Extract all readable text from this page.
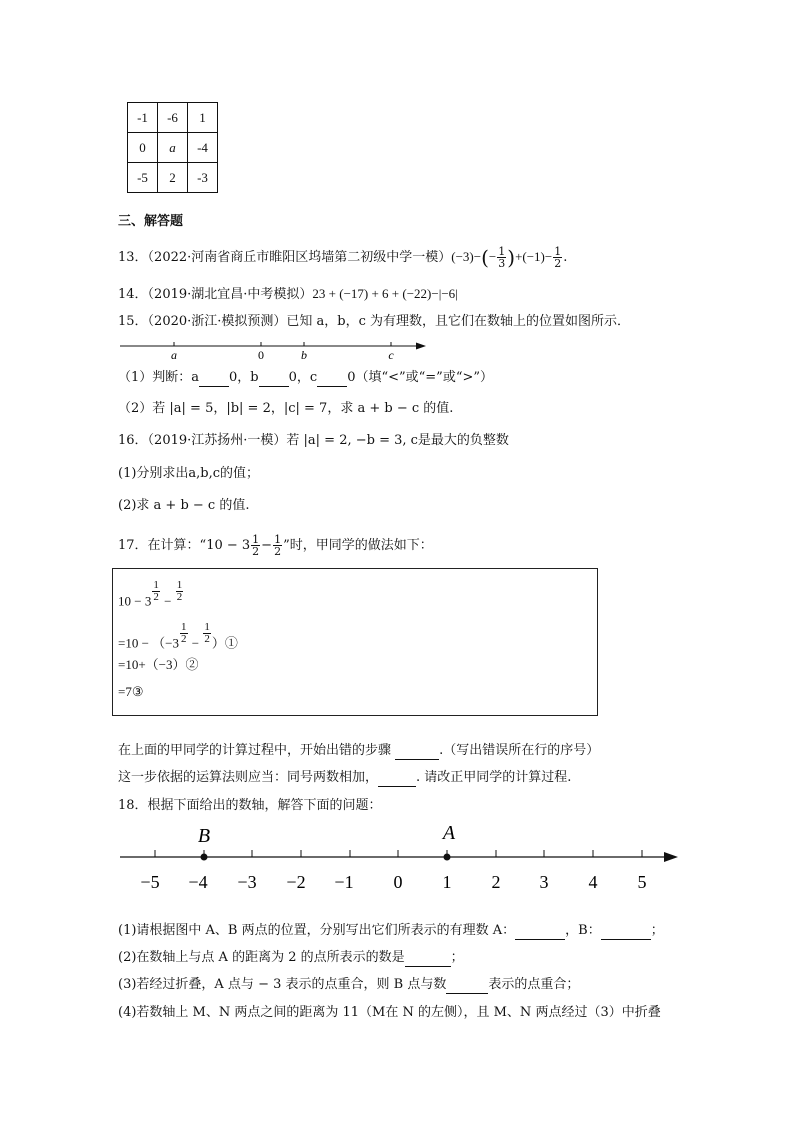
-1	-6	1
0	a	-4
-5	2	-3
三、解答题
13．（2022·河南省商丘市睢阳区坞墙第二初级中学一模）$(-3)-(- \frac{1}{3} )+(-1)- \frac{1}{2}$ .
14．（2019·湖北宜昌·中考模拟）23 + (−17) + 6 + (−22)−|−6|
15．（2020·浙江·模拟预测）已知 a，b，c 为有理数，且它们在数轴上的位置如图所示．
a	0	b	c
（1）判断：a 0，b 0，c 0（填“<”或“=”或“>”）
（2）若 |a| = 5，|b| = 2，|c| = 7，求 a + b − c 的值.
16．（2019·江苏扬州·一模）若 |a| = 2, −b = 3, c是最大的负整数
(1)分别求出a,b,c的值；
(2)求 a + b − c 的值.
17．在计算：“$10 - 3 \frac{1}{2} - \frac{1}{2}$ ”时，甲同学的做法如下：
$10 - 3 \frac{1}{2} - \frac{1}{2}$
$=10 - (-3 \frac{1}{2} - \frac{1}{2}$ ）①
=10+（−3）②
=7③
在上面的甲同学的计算过程中，开始出错的步骤	.（写出错误所在行的序号）
这一步依据的运算法则应当：同号两数相加，	. 请改正甲同学的计算过程.
18．根据下面给出的数轴，解答下面的问题：
B	A
−5 −4 −3 −2 −1 0 1 2 3 4 5
(1)请根据图中 A、B 两点的位置，分别写出它们所表示的有理数 A：	，B：	；
(2)在数轴上与点 A 的距离为 2 的点所表示的数是	；
(3)若经过折叠，A 点与 − 3 表示的点重合，则 B 点与数	表示的点重合；
(4)若数轴上 M、N 两点之间的距离为 11（M在 N 的左侧），且 M、N 两点经过（3）中折叠
